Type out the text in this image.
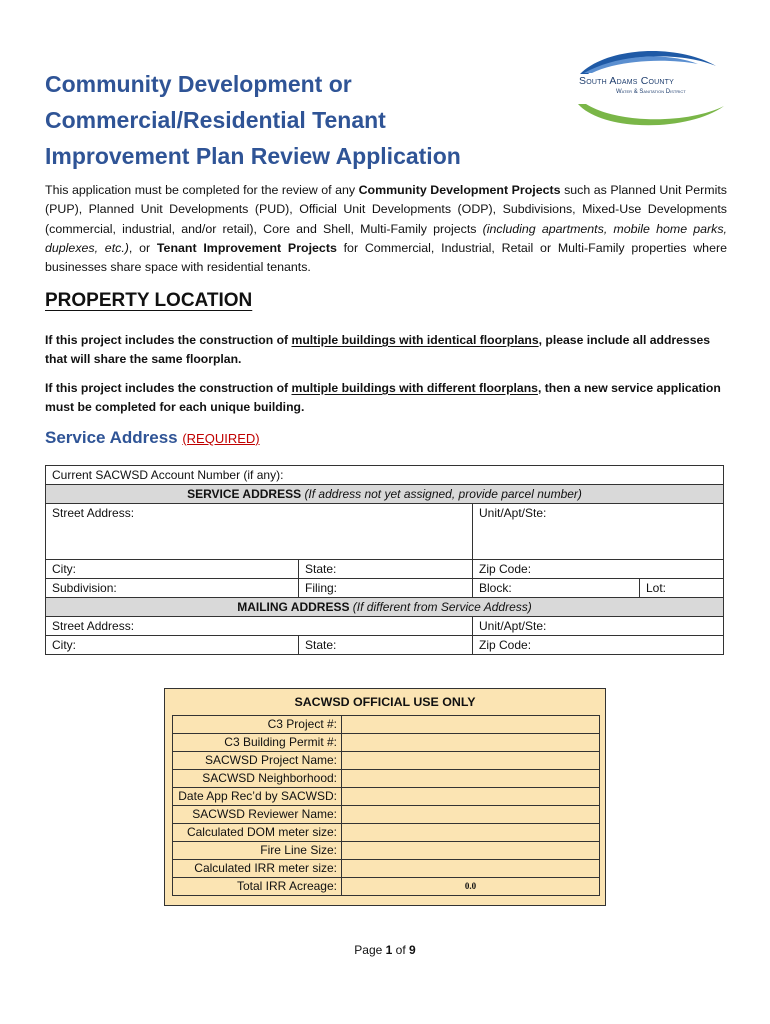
Community Development or
Commercial/Residential Tenant
Improvement Plan Review Application
South Adams County
Water & Sanitation District
This application must be completed for the review of any Community Development Projects such as Planned Unit Permits (PUP), Planned Unit Developments (PUD), Official Unit Developments (ODP), Subdivisions, Mixed-Use Developments (commercial, industrial, and/or retail), Core and Shell, Multi-Family projects (including apartments, mobile home parks, duplexes, etc.), or Tenant Improvement Projects for Commercial, Industrial, Retail or Multi-Family properties where businesses share space with residential tenants.
PROPERTY LOCATION
If this project includes the construction of multiple buildings with identical floorplans, please include all addresses that will share the same floorplan.
If this project includes the construction of multiple buildings with different floorplans, then a new service application must be completed for each unique building.
Service Address (REQUIRED)
Current SACWSD Account Number (if any):			
SERVICE ADDRESS (If address not yet assigned, provide parcel number)			
Street Address:		Unit/Apt/Ste:	
City:	State:	Zip Code:	
Subdivision:	Filing:	Block:	Lot:
MAILING ADDRESS (If different from Service Address)			
Street Address:		Unit/Apt/Ste:	
City:	State:	Zip Code:	
SACWSD OFFICIAL USE ONLY
C3 Project #:	
C3 Building Permit #:	
SACWSD Project Name:	
SACWSD Neighborhood:	
Date App Rec’d by SACWSD:	
SACWSD Reviewer Name:	
Calculated DOM meter size:	
Fire Line Size:	
Calculated IRR meter size:	
Total IRR Acreage:	0.0
Page 1 of 9
